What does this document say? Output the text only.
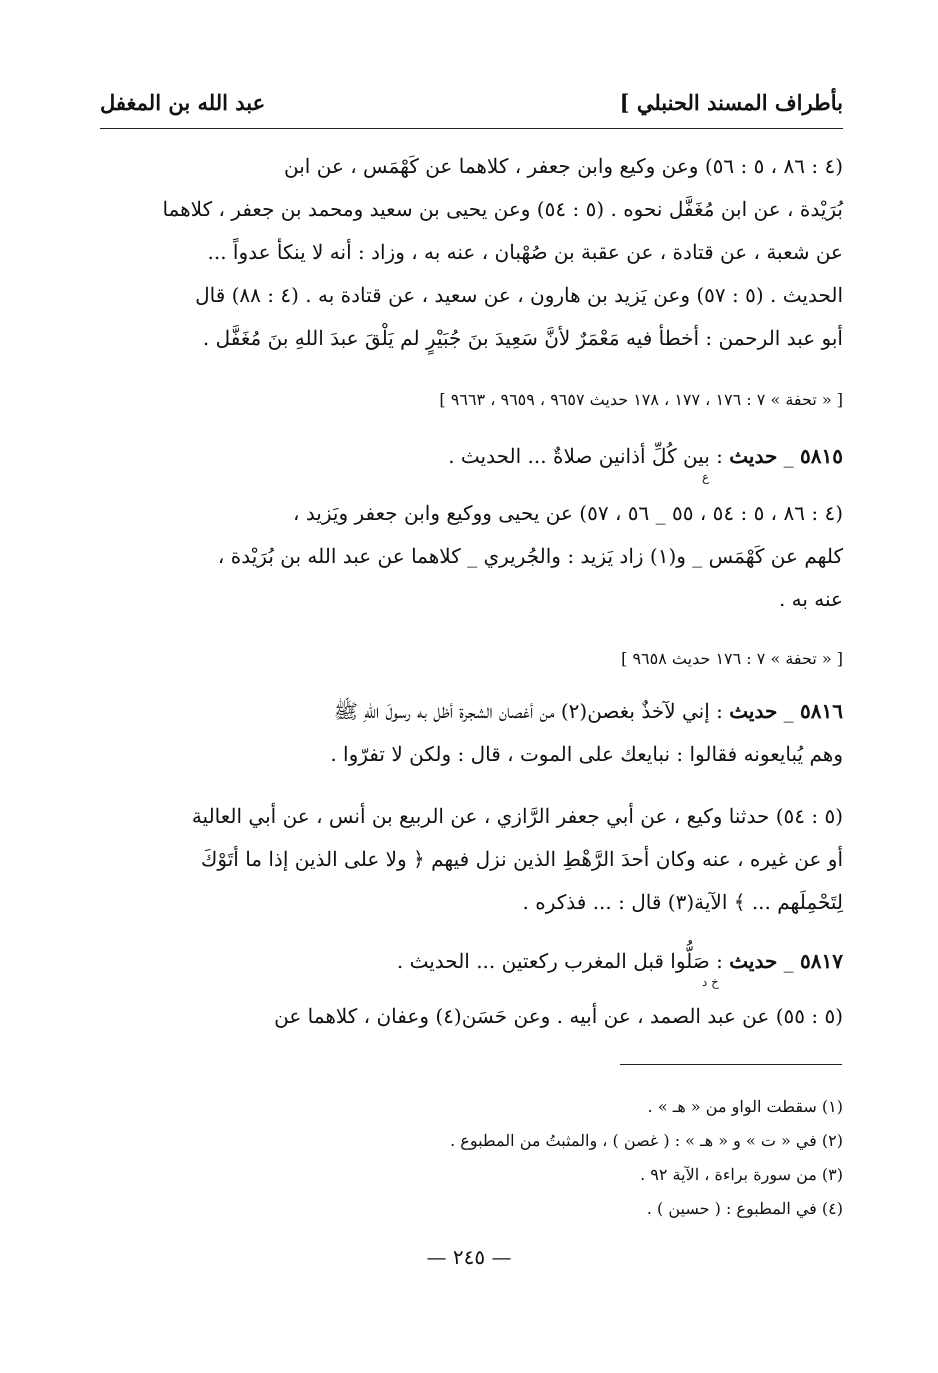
بأطراف المسند الحنبلي ]
عبد الله بن المغفل

(٤ : ٨٦ ، ٥ : ٥٦) وعن وكيع وابن جعفر ، كلاهما عن كَهْمَس ، عن ابن

بُرَيْدة ، عن ابن مُغَفَّل نحوه . (٥ : ٥٤) وعن يحيى بن سعيد ومحمد بن جعفر ، كلاهما

عن شعبة ، عن قتادة ، عن عقبة بن صُهْبان ، عنه به ، وزاد : أنه لا ينكأ عدواً ...

الحديث . (٥ : ٥٧) وعن يَزيد بن هارون ، عن سعيد ، عن قتادة به . (٤ : ٨٨) قال

أبو عبد الرحمن : أخطأ فيه مَعْمَرٌ لأنَّ سَعِيدَ بنَ جُبَيْرٍ لم يَلْقَ عبدَ اللهِ بنَ مُغَفَّل .

[ « تحفة » ٧ : ١٧٦ ، ١٧٧ ، ١٧٨ حديث ٩٦٥٧ ، ٩٦٥٩ ، ٩٦٦٣ ]

٥٨١٥ _ حديث : بين كُلِّ أذانين صلاةٌ ... الحديث .

ع

(٤ : ٨٦ ، ٥ : ٥٤ ، ٥٥ _ ٥٦ ، ٥٧) عن يحيى ووكيع وابن جعفر ويَزيد ،

كلهم عن كَهْمَس _ و(١) زاد يَزيد : والجُريري _ كلاهما عن عبد الله بن بُرَيْدة ،

عنه به .

[ « تحفة » ٧ : ١٧٦ حديث ٩٦٥٨ ]

٥٨١٦ _ حديث : إني لآخذٌ بغصن(٢) من أغصان الشجرة أظل به رسولَ اللهِ ﷺ

وهم يُبايعونه فقالوا : نبايعك على الموت ، قال : ولكن لا تفرّوا .

(٥ : ٥٤) حدثنا وكيع ، عن أبي جعفر الرَّازي ، عن الربيع بن أنس ، عن أبي العالية

أو عن غيره ، عنه وكان أحدَ الرَّهْطِ الذين نزل فيهم ﴿ ولا على الذين إذا ما أتَوْكَ

لِتَحْمِلَهم ... ﴾ الآية(٣) قال : ... فذكره .

٥٨١٧ _ حديث : صَلُّوا قبل المغرب ركعتين ... الحديث .

خ د

(٥ : ٥٥) عن عبد الصمد ، عن أبيه . وعن حَسَن(٤) وعفان ، كلاهما عن

(١) سقطت الواو من « هـ » .
(٢) في « ت » و « هـ » : ( غصن ) ، والمثبتُ من المطبوع .
(٣) من سورة براءة ، الآية ٩٢ .
(٤) في المطبوع : ( حسين ) .
— ٢٤٥ —
